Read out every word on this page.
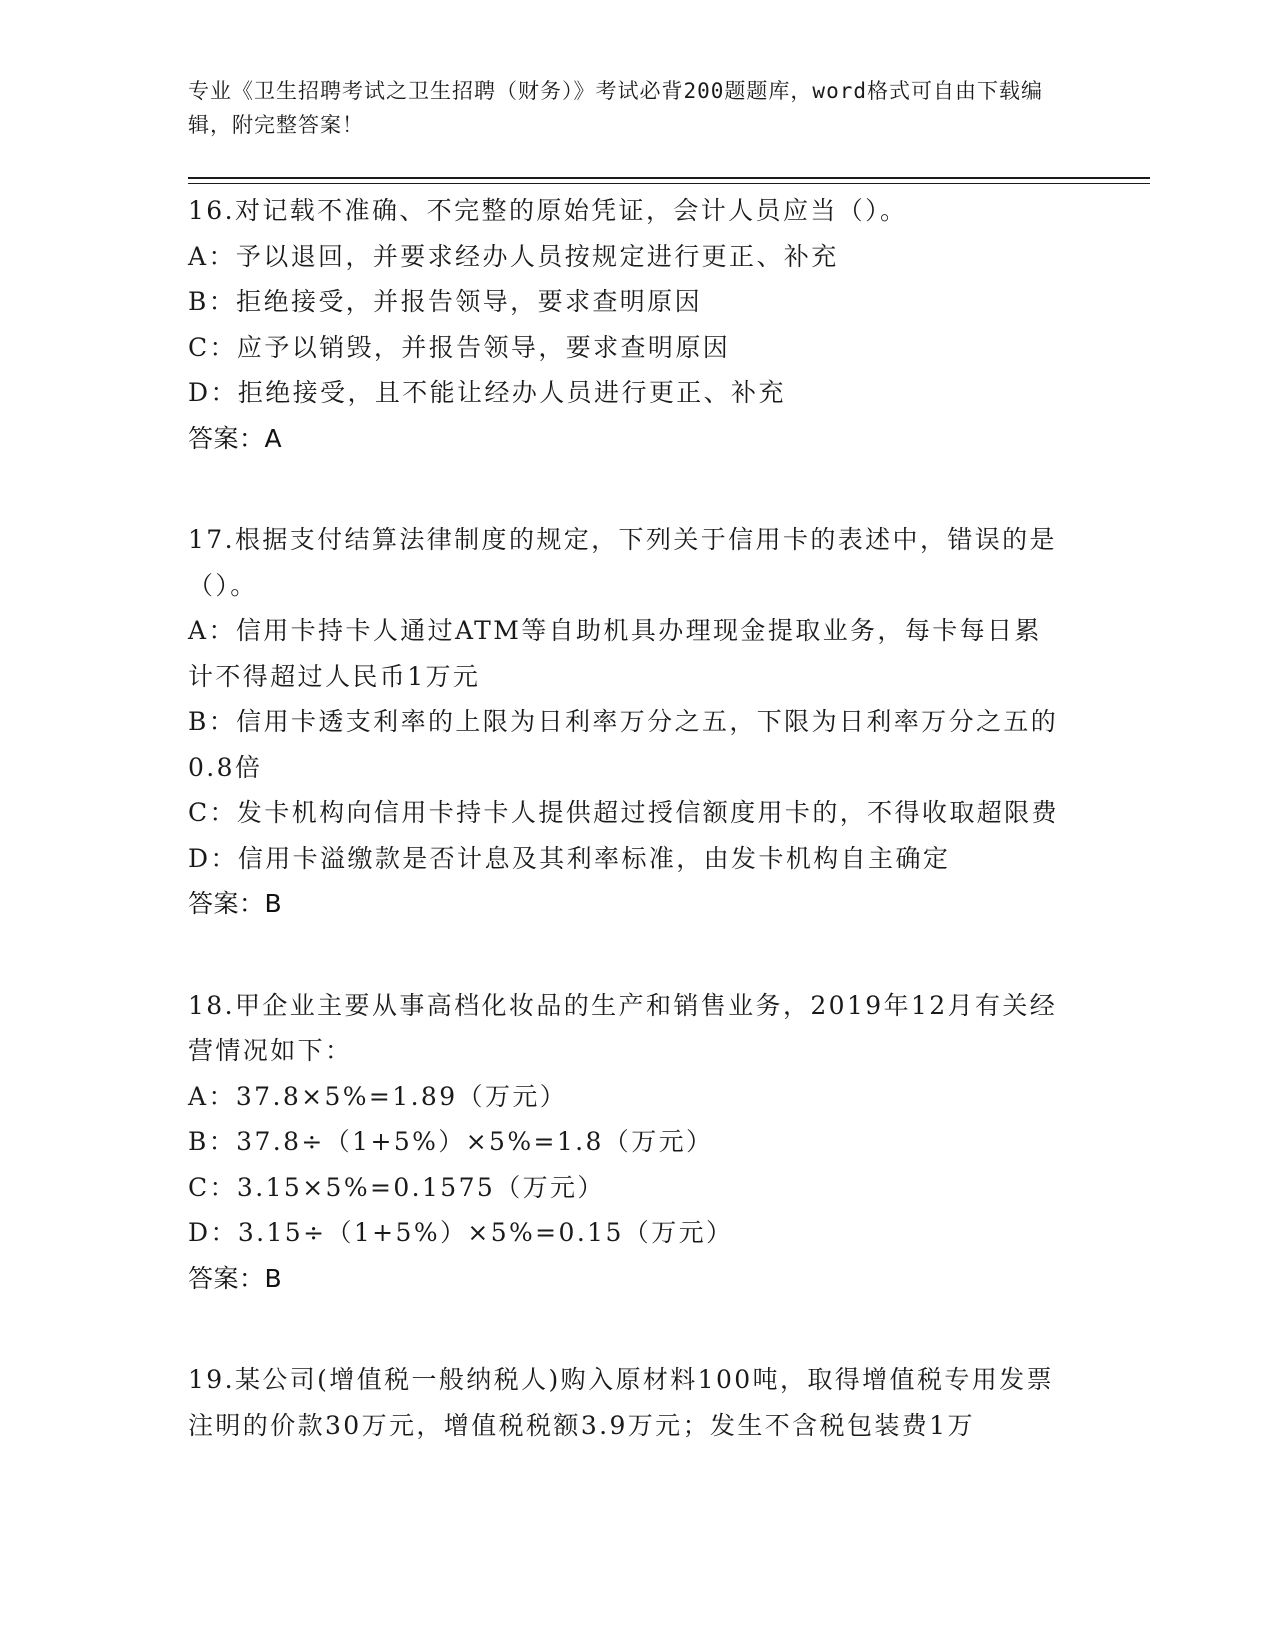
专业《卫生招聘考试之卫生招聘（财务）》考试必背200题题库，word格式可自由下载编辑，附完整答案！

16.对记载不准确、不完整的原始凭证，会计人员应当（）。

A：予以退回，并要求经办人员按规定进行更正、补充

B：拒绝接受，并报告领导，要求查明原因

C：应予以销毁，并报告领导，要求查明原因

D：拒绝接受，且不能让经办人员进行更正、补充

答案：A

17.根据支付结算法律制度的规定，下列关于信用卡的表述中，错误的是（）。

A：信用卡持卡人通过ATM等自助机具办理现金提取业务，每卡每日累计不得超过人民币1万元

B：信用卡透支利率的上限为日利率万分之五，下限为日利率万分之五的0.8倍

C：发卡机构向信用卡持卡人提供超过授信额度用卡的，不得收取超限费

D：信用卡溢缴款是否计息及其利率标准，由发卡机构自主确定

答案：B

18.甲企业主要从事高档化妆品的生产和销售业务，2019年12月有关经营情况如下：

A：37.8×5%=1.89（万元）

B：37.8÷（1+5%）×5%=1.8（万元）

C：3.15×5%=0.1575（万元）

D：3.15÷（1+5%）×5%=0.15（万元）

答案：B

19.某公司(增值税一般纳税人)购入原材料100吨，取得增值税专用发票注明的价款30万元，增值税税额3.9万元；发生不含税包装费1万
